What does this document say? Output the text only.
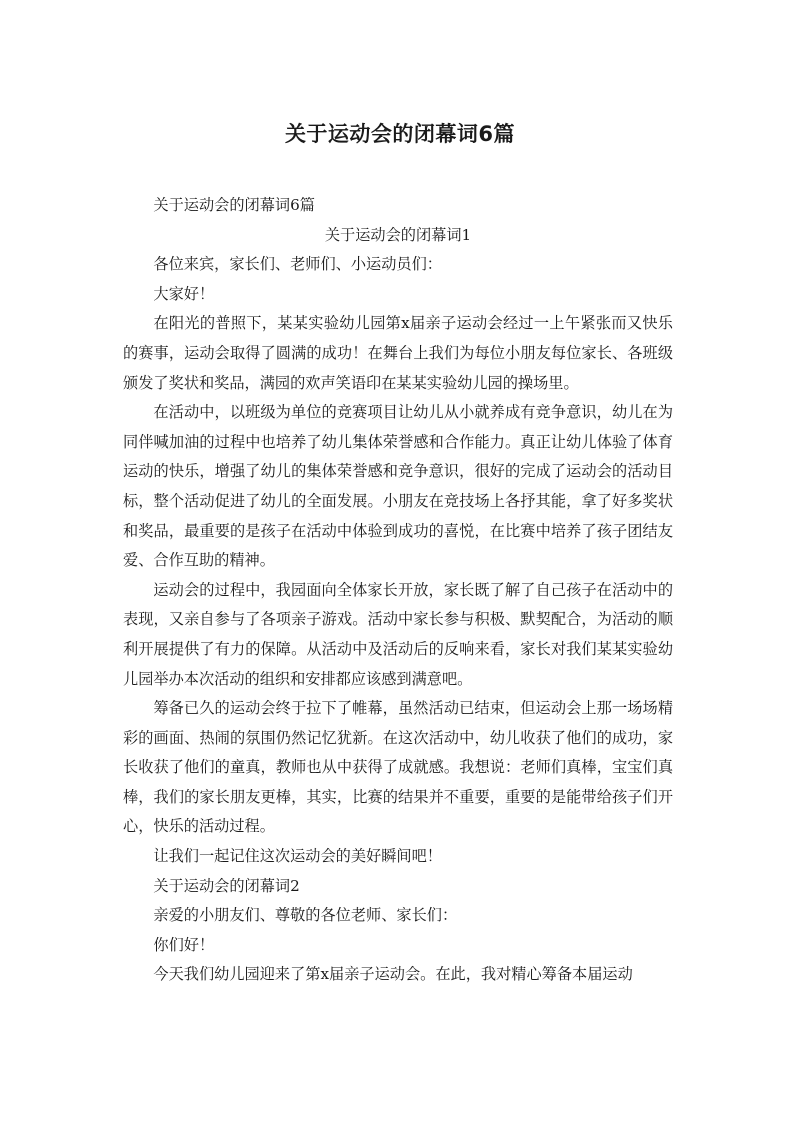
关于运动会的闭幕词6篇

关于运动会的闭幕词6篇

关于运动会的闭幕词1

各位来宾，家长们、老师们、小运动员们：

大家好！

在阳光的普照下，某某实验幼儿园第x届亲子运动会经过一上午紧张而又快乐的赛事，运动会取得了圆满的成功！在舞台上我们为每位小朋友每位家长、各班级颁发了奖状和奖品，满园的欢声笑语印在某某实验幼儿园的操场里。

在活动中，以班级为单位的竞赛项目让幼儿从小就养成有竞争意识，幼儿在为同伴喊加油的过程中也培养了幼儿集体荣誉感和合作能力。真正让幼儿体验了体育运动的快乐，增强了幼儿的集体荣誉感和竞争意识，很好的完成了运动会的活动目标，整个活动促进了幼儿的全面发展。小朋友在竞技场上各抒其能，拿了好多奖状和奖品，最重要的是孩子在活动中体验到成功的喜悦，在比赛中培养了孩子团结友爱、合作互助的精神。

运动会的过程中，我园面向全体家长开放，家长既了解了自己孩子在活动中的表现，又亲自参与了各项亲子游戏。活动中家长参与积极、默契配合，为活动的顺利开展提供了有力的保障。从活动中及活动后的反响来看，家长对我们某某实验幼儿园举办本次活动的组织和安排都应该感到满意吧。

筹备已久的运动会终于拉下了帷幕，虽然活动已结束，但运动会上那一场场精彩的画面、热闹的氛围仍然记忆犹新。在这次活动中，幼儿收获了他们的成功，家长收获了他们的童真，教师也从中获得了成就感。我想说：老师们真棒，宝宝们真棒，我们的家长朋友更棒，其实，比赛的结果并不重要，重要的是能带给孩子们开心，快乐的活动过程。

让我们一起记住这次运动会的美好瞬间吧！

关于运动会的闭幕词2

亲爱的小朋友们、尊敬的各位老师、家长们：

你们好！

今天我们幼儿园迎来了第x届亲子运动会。在此，我对精心筹备本届运动
